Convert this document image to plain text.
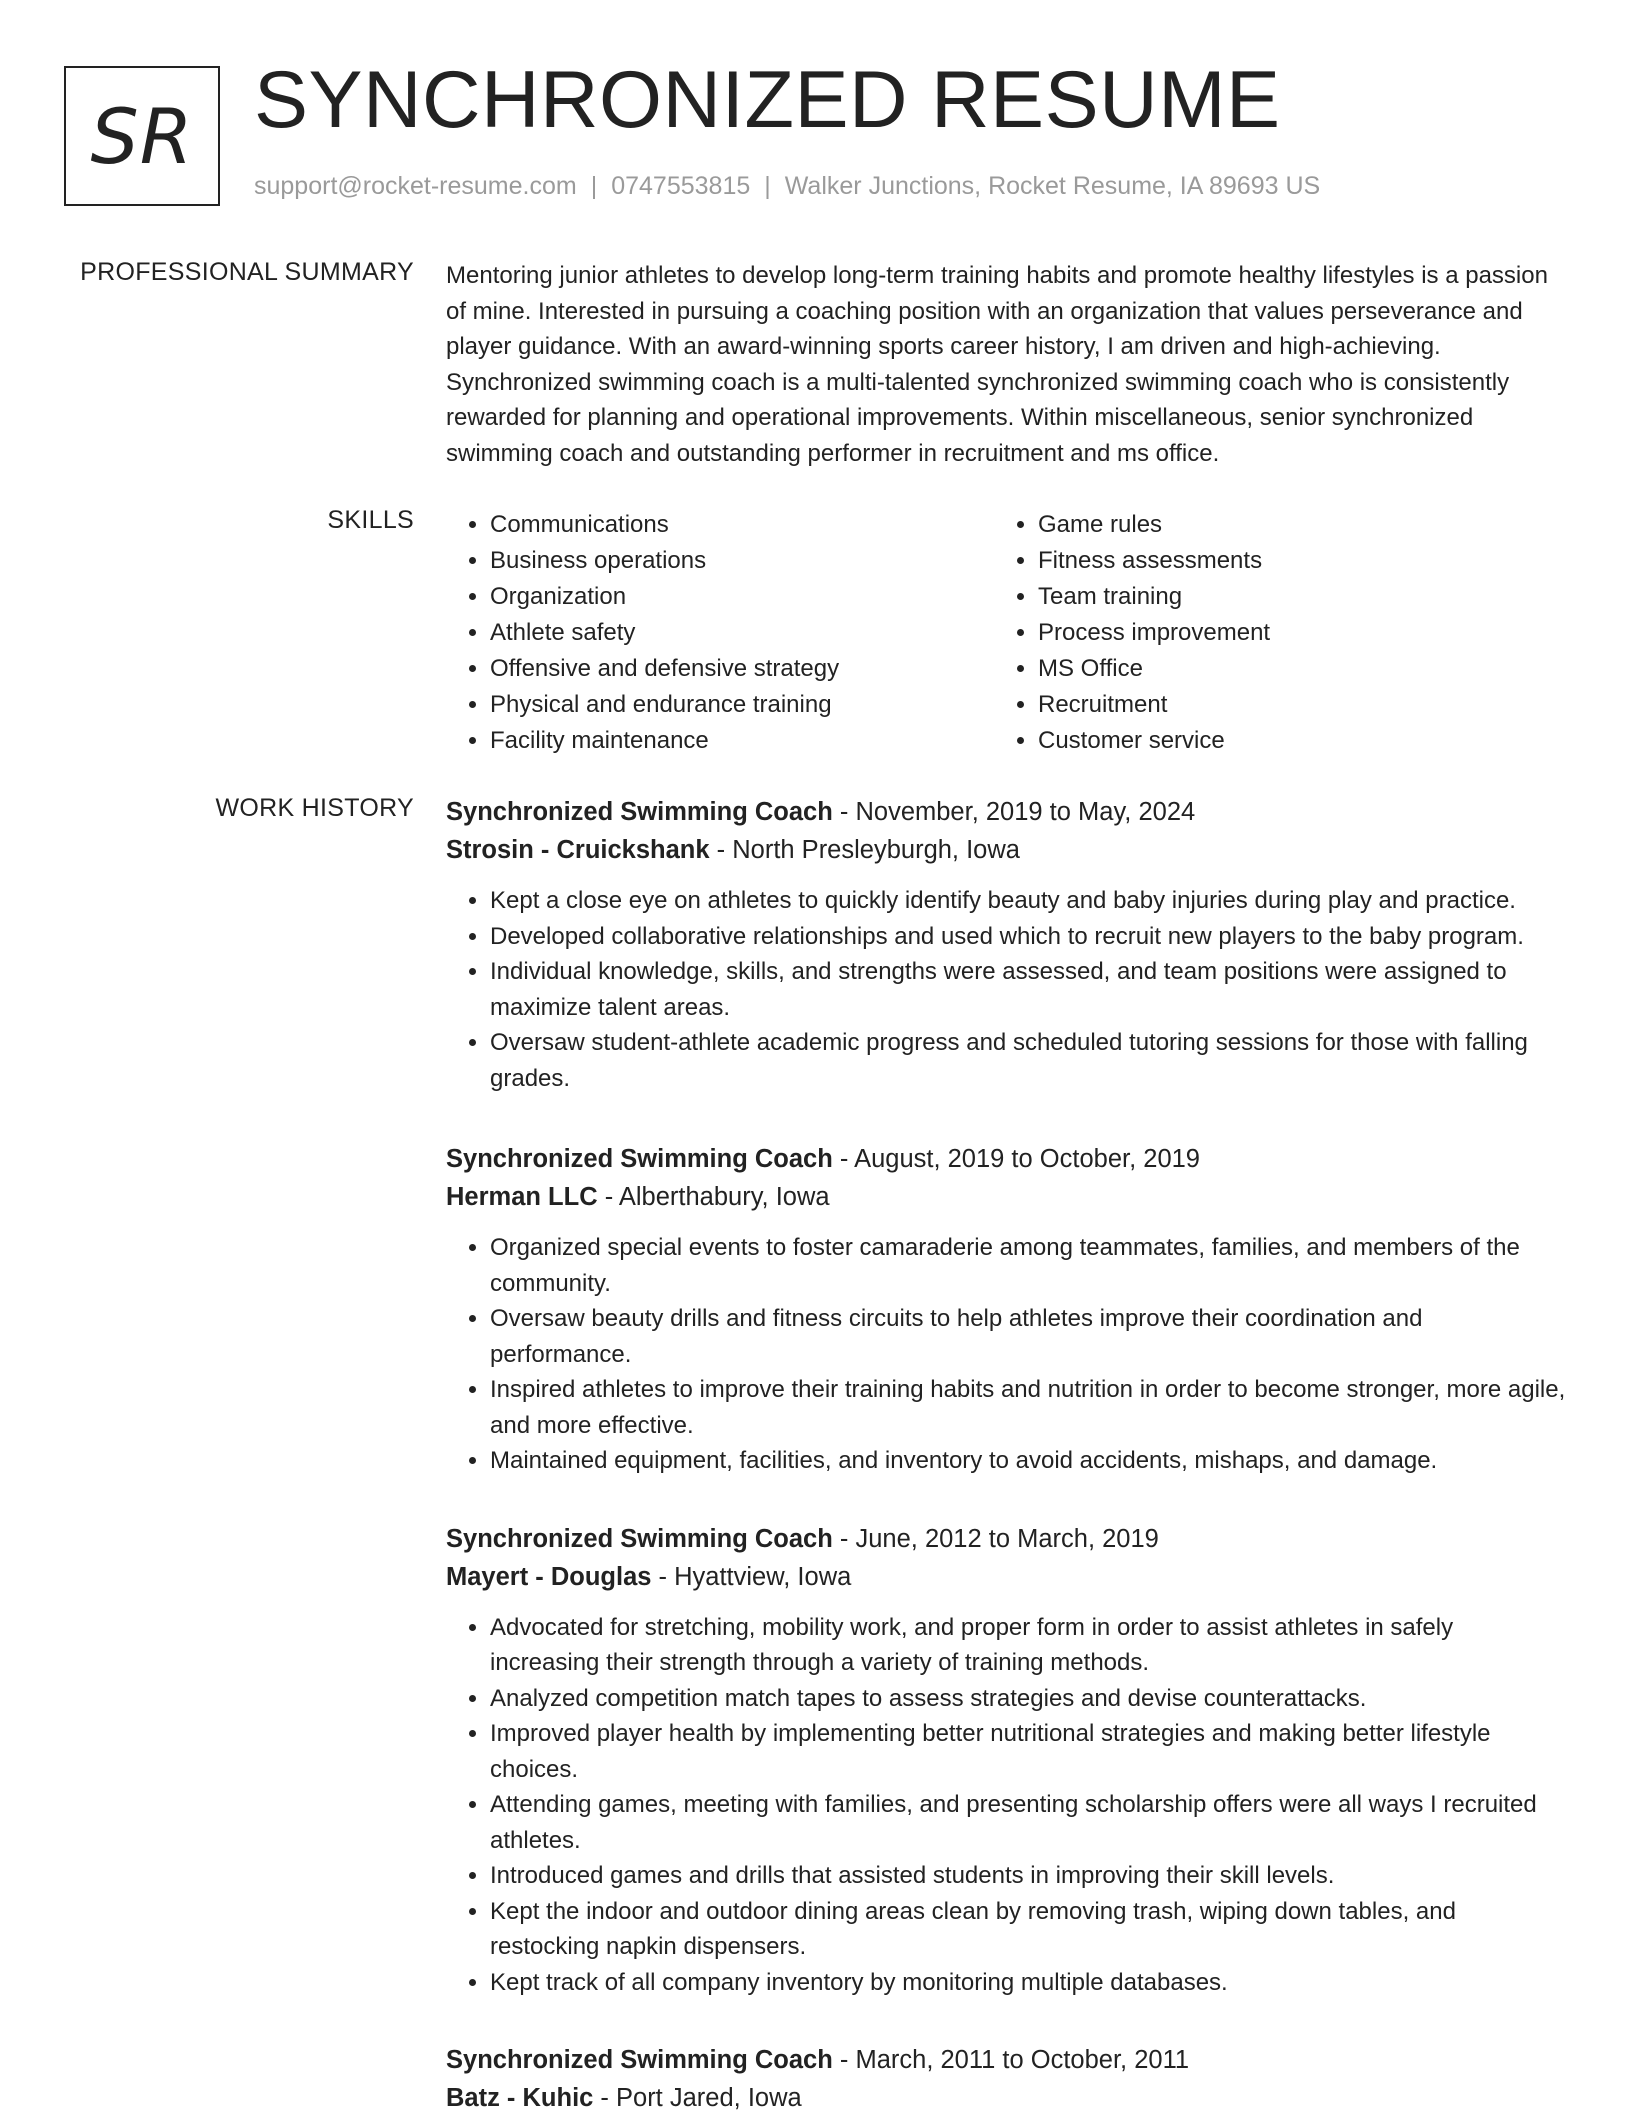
SR SYNCHRONIZED RESUME
support@rocket-resume.com | 0747553815 | Walker Junctions, Rocket Resume, IA 89693 US
PROFESSIONAL SUMMARY Mentoring junior athletes to develop long-term training habits and promote healthy lifestyles is a passion of mine. Interested in pursuing a coaching position with an organization that values perseverance and player guidance. With an award-winning sports career history, I am driven and high-achieving. Synchronized swimming coach is a multi-talented synchronized swimming coach who is consistently rewarded for planning and operational improvements. Within miscellaneous, senior synchronized swimming coach and outstanding performer in recruitment and ms office.

SKILLS
•	Communications
• Business operations
• Organization
• Athlete safety
• Offensive and defensive strategy
• Physical and endurance training
• Facility maintenance
• Game rules
• Fitness assessments
• Team training
• Process improvement
• MS Office
• Recruitment
• Customer service
WORK HISTORY Synchronized Swimming Coach - November, 2019 to May, 2024
Strosin - Cruickshank - North Presleyburgh, Iowa
• Kept a close eye on athletes to quickly identify beauty and baby injuries during play and practice.
• Developed collaborative relationships and used which to recruit new players to the baby program.
• Individual knowledge, skills, and strengths were assessed, and team positions were assigned to maximize talent areas.
• Oversaw student-athlete academic progress and scheduled tutoring sessions for those with falling grades.
Synchronized Swimming Coach - August, 2019 to October, 2019
Herman LLC - Alberthabury, Iowa
• Organized special events to foster camaraderie among teammates, families, and members of the community.
• Oversaw beauty drills and fitness circuits to help athletes improve their coordination and performance.
• Inspired athletes to improve their training habits and nutrition in order to become stronger, more agile, and more effective.
• Maintained equipment, facilities, and inventory to avoid accidents, mishaps, and damage.
Synchronized Swimming Coach - June, 2012 to March, 2019
Mayert - Douglas - Hyattview, Iowa
• Advocated for stretching, mobility work, and proper form in order to assist athletes in safely increasing their strength through a variety of training methods.
• Analyzed competition match tapes to assess strategies and devise counterattacks.
• Improved player health by implementing better nutritional strategies and making better lifestyle choices.
• Attending games, meeting with families, and presenting scholarship offers were all ways I recruited athletes.
• Introduced games and drills that assisted students in improving their skill levels.
• Kept the indoor and outdoor dining areas clean by removing trash, wiping down tables, and restocking napkin dispensers.
• Kept track of all company inventory by monitoring multiple databases.
Synchronized Swimming Coach - March, 2011 to October, 2011
Batz - Kuhic - Port Jared, Iowa
